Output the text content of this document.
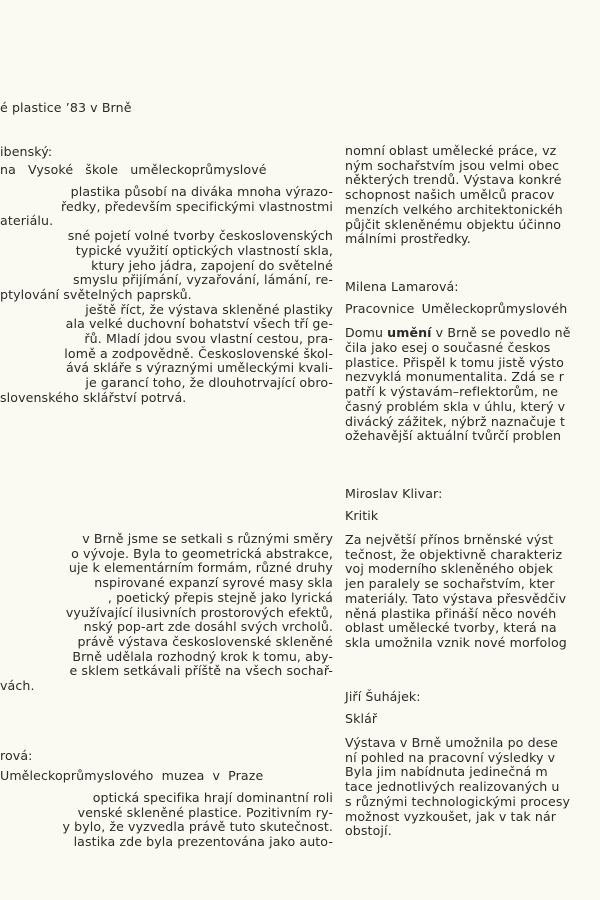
é plastice ’83 v Brně
ibenský:
na Vysoké škole uměleckoprůmyslové
plastika působí na diváka mnoha výrazo-
ředky, především specifickými vlastnostmi
ateriálu.
sné pojetí volné tvorby československých
typické využití optických vlastností skla,
ktury jeho jádra, zapojení do světelné
smyslu přijímání, vyzařování, lámání, re-
ptylování světelných paprsků.
ještě říct, že výstava skleněné plastiky
ala velké duchovní bohatství všech tří ge-
řů. Mladí jdou svou vlastní cestou, pra-
lomě a zodpovědně. Československé škol-
ává skláře s výraznými uměleckými kvali-
je garancí toho, že dlouhotrvající obro-
slovenského sklářství potrvá.
v Brně jsme se setkali s různými směry
o vývoje. Byla to geometrická abstrakce,
uje k elementárním formám, různé druhy
nspirované expanzí syrové masy skla
, poetický přepis stejně jako lyrická
využívající ilusivních prostorových efektů,
nský pop-art zde dosáhl svých vrcholů.
právě výstava československé skleněné
Brně udělala rozhodný krok k tomu, aby-
e sklem setkávali příště na všech sochař-
vách.
rová:
Uměleckoprůmyslového muzea v Praze
optická specifika hrají dominantní roli
venské skleněné plastice. Pozitivním ry-
y bylo, že vyzvedla právě tuto skutečnost.
lastika zde byla prezentována jako auto-
nomní oblast umělecké práce, vz
ným sochařstvím jsou velmi obec
některých trendů. Výstava konkré
schopnost našich umělců pracov
menzích velkého architektonickéh
půjčit skleněnému objektu účinno
málními prostředky.
Milena Lamarová:
Pracovnice Uměleckoprůmyslovéh
Domu umění v Brně se povedlo ně
čila jako esej o současné českos
plastice. Přispěl k tomu jistě výsto
nezvyklá monumentalita. Zdá se r
patří k výstavám–reflektorům, ne
časný problém skla v úhlu, který v
divácký zážitek, nýbrž naznačuje t
ožehavější aktuální tvůrčí problen
Miroslav Klivar:
Kritik
Za největší přínos brněnské výst
tečnost, že objektivně charakteriz
voj moderního skleněného objek
jen paralely se sochařstvím, kter
materiály. Tato výstava přesvědčiv
něná plastika přináší něco novéh
oblast umělecké tvorby, která na
skla umožnila vznik nové morfolog
Jiří Šuhájek:
Sklář
Výstava v Brně umožnila po dese
ní pohled na pracovní výsledky v
Byla jim nabídnuta jedinečná m
tace jednotlivých realizovaných u
s různými technologickými procesy
možnost vyzkoušet, jak v tak nár
obstojí.
